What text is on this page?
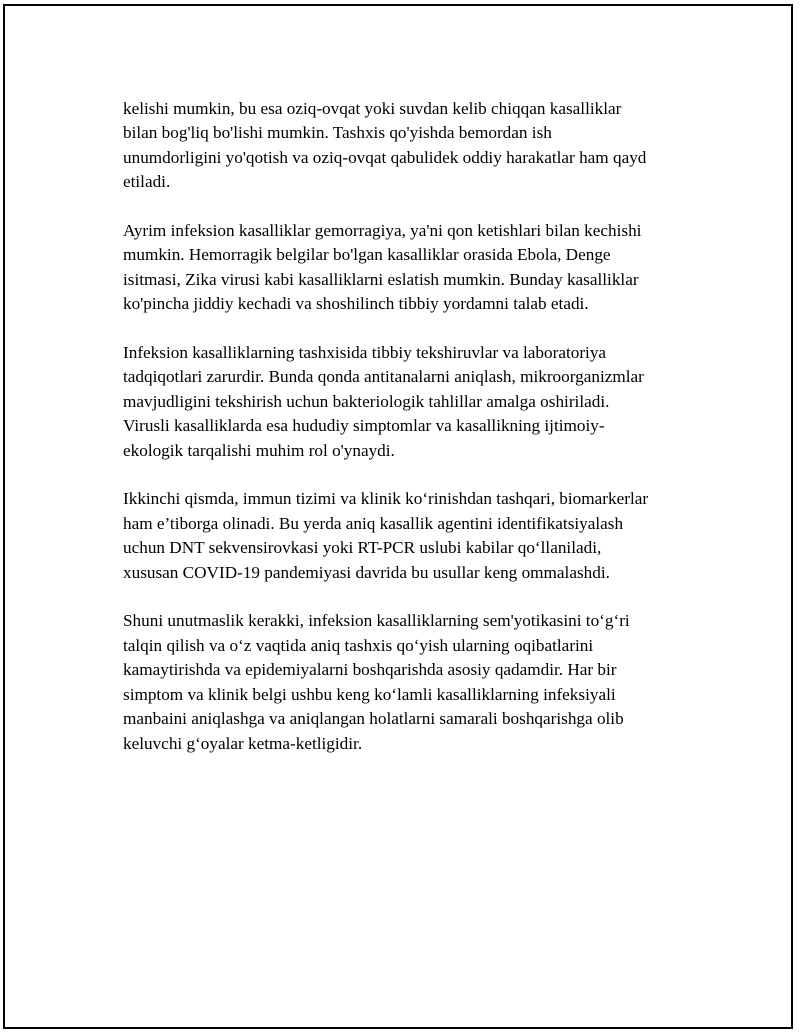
kelishi mumkin, bu esa oziq-ovqat yoki suvdan kelib chiqqan kasalliklar
bilan bog'liq bo'lishi mumkin. Tashxis qo'yishda bemordan ish
unumdorligini yo'qotish va oziq-ovqat qabulidek oddiy harakatlar ham qayd
etiladi.

Ayrim infeksion kasalliklar gemorragiya, ya'ni qon ketishlari bilan kechishi
mumkin. Hemorragik belgilar bo'lgan kasalliklar orasida Ebola, Denge
isitmasi, Zika virusi kabi kasalliklarni eslatish mumkin. Bunday kasalliklar
ko'pincha jiddiy kechadi va shoshilinch tibbiy yordamni talab etadi.

Infeksion kasalliklarning tashxisida tibbiy tekshiruvlar va laboratoriya
tadqiqotlari zarurdir. Bunda qonda antitanalarni aniqlash, mikroorganizmlar
mavjudligini tekshirish uchun bakteriologik tahlillar amalga oshiriladi.
Virusli kasalliklarda esa hududiy simptomlar va kasallikning ijtimoiy-
ekologik tarqalishi muhim rol o'ynaydi.

Ikkinchi qismda, immun tizimi va klinik ko‘rinishdan tashqari, biomarkerlar
ham e’tiborga olinadi. Bu yerda aniq kasallik agentini identifikatsiyalash
uchun DNT sekvensirovkasi yoki RT-PCR uslubi kabilar qo‘llaniladi,
xususan COVID-19 pandemiyasi davrida bu usullar keng ommalashdi.

Shuni unutmaslik kerakki, infeksion kasalliklarning sem'yotikasini to‘g‘ri
talqin qilish va o‘z vaqtida aniq tashxis qo‘yish ularning oqibatlarini
kamaytirishda va epidemiyalarni boshqarishda asosiy qadamdir. Har bir
simptom va klinik belgi ushbu keng ko‘lamli kasalliklarning infeksiyali
manbaini aniqlashga va aniqlangan holatlarni samarali boshqarishga olib
keluvchi g‘oyalar ketma-ketligidir.
